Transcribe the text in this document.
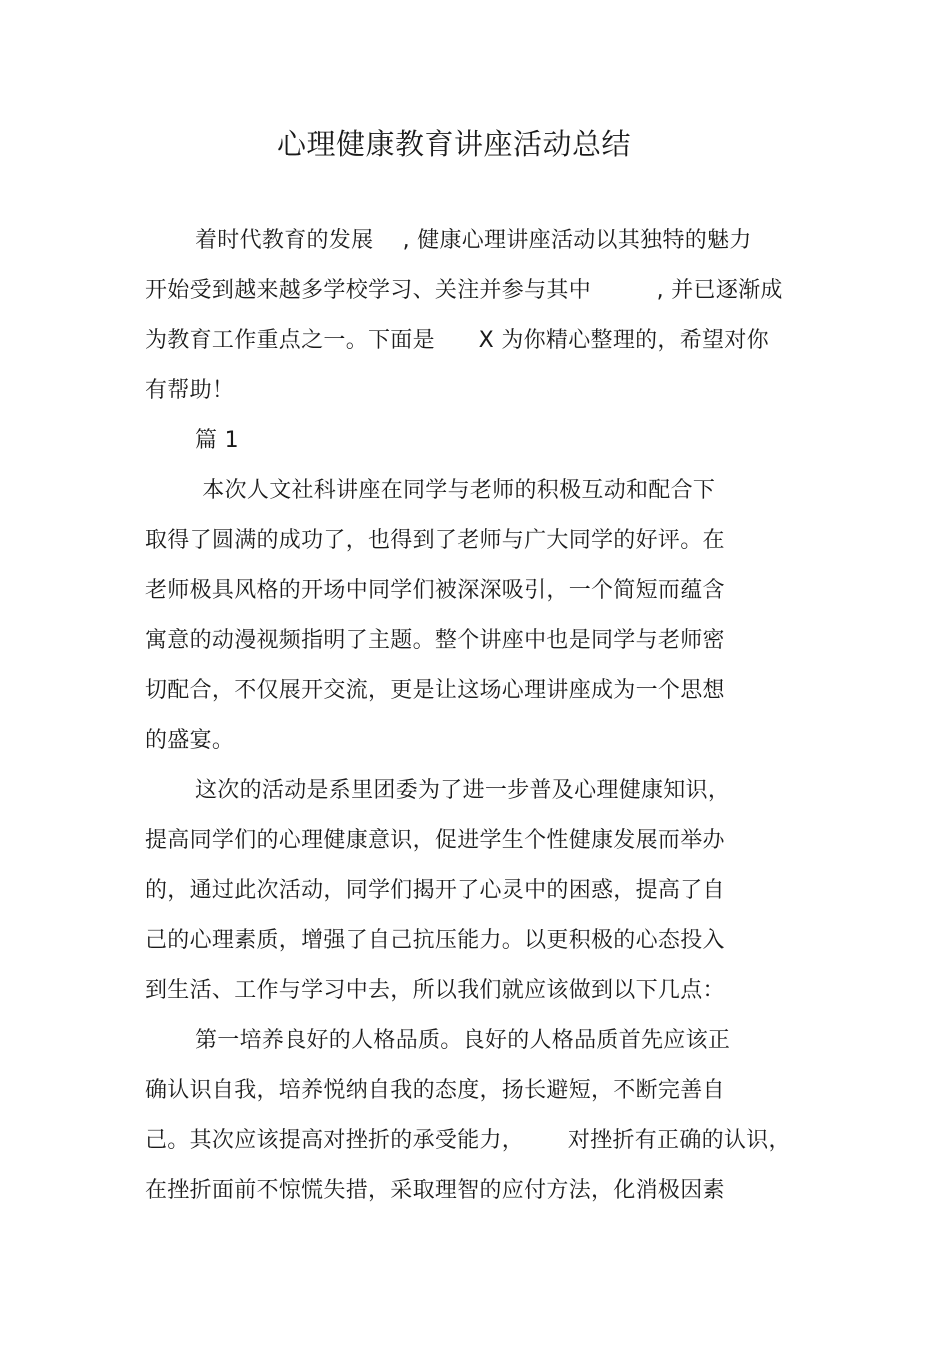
心理健康教育讲座活动总结
着时代教育的发展    , 健康心理讲座活动以其独特的魅力
开始受到越来越多学校学习、关注并参与其中         , 并已逐渐成
为教育工作重点之一。下面是      X 为你精心整理的，希望对你
有帮助！
篇 1
本次人文社科讲座在同学与老师的积极互动和配合下
取得了圆满的成功了，也得到了老师与广大同学的好评。在
老师极具风格的开场中同学们被深深吸引，一个简短而蕴含
寓意的动漫视频指明了主题。整个讲座中也是同学与老师密
切配合，不仅展开交流，更是让这场心理讲座成为一个思想
的盛宴。
这次的活动是系里团委为了进一步普及心理健康知识，
提高同学们的心理健康意识，促进学生个性健康发展而举办
的，通过此次活动，同学们揭开了心灵中的困惑，提高了自
己的心理素质，增强了自己抗压能力。以更积极的心态投入
到生活、工作与学习中去，所以我们就应该做到以下几点：
第一培养良好的人格品质。良好的人格品质首先应该正
确认识自我，培养悦纳自我的态度，扬长避短，不断完善自
己。其次应该提高对挫折的承受能力，      对挫折有正确的认识，
在挫折面前不惊慌失措，采取理智的应付方法，化消极因素
